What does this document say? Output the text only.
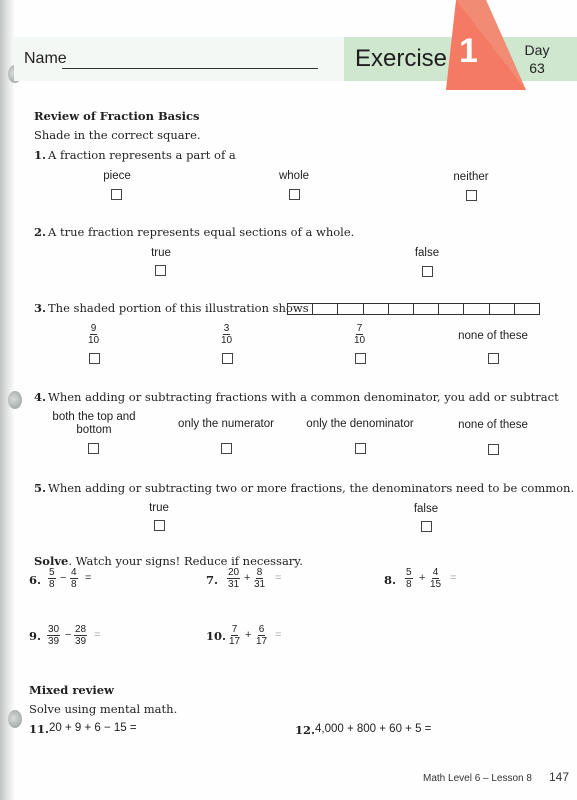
Name	Exercise 1	Day
63
Review of Fraction Basics
Shade in the correct square.
1. A fraction represents a part of a
piece	whole	neither
2. A true fraction represents equal sections of a whole.
true	false
3. The shaded portion of this illustration shows
$\frac{9}{10}$	$\frac{3}{10}$	$\frac{7}{10}$	none of these
4. When adding or subtracting fractions with a common denominator, you add or subtract
both the top and bottom	only the numerator	only the denominator	none of these
5. When adding or subtracting two or more fractions, the denominators need to be common.
true	false
Solve. Watch your signs! Reduce if necessary.
6. $\frac{5}{8} - \frac{4}{8}$ =	7. $\frac{20}{31} + \frac{8}{31}$ =	8. $\frac{5}{8} + \frac{4}{15}$ =
9. $\frac{30}{39} - \frac{28}{39}$ =	10. $\frac{7}{17} + \frac{6}{17}$ =
Mixed review
Solve using mental math.
11. 20 + 9 + 6 − 15 =	12. 4,000 + 800 + 60 + 5 =
Math Level 6 – Lesson 8 147
